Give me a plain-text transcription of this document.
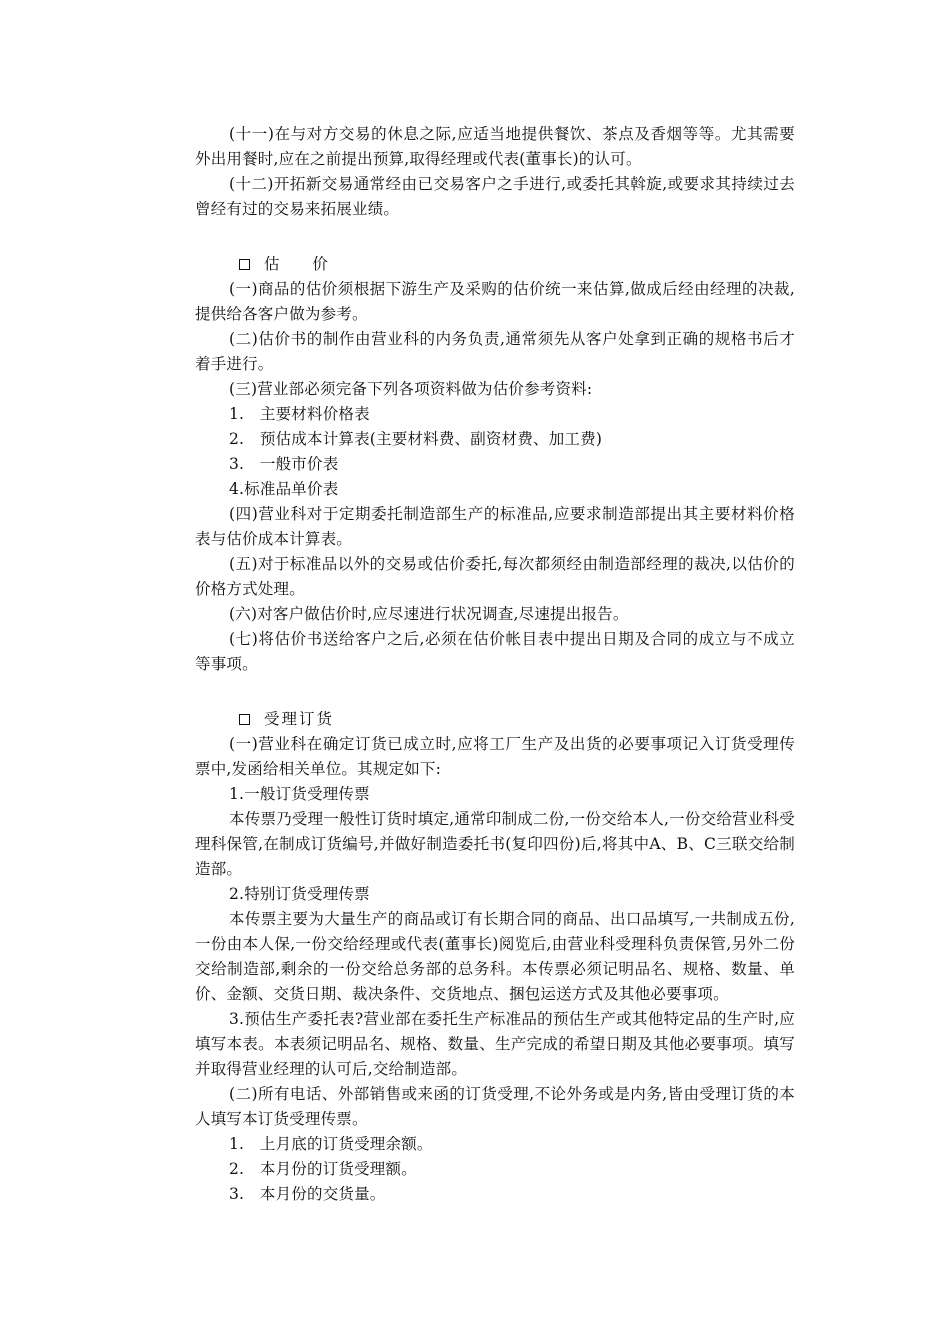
(十一)在与对方交易的休息之际,应适当地提供餐饮、茶点及香烟等等。尤其需要外出用餐时,应在之前提出预算,取得经理或代表(董事长)的认可。

(十二)开拓新交易通常经由已交易客户之手进行,或委托其斡旋,或要求其持续过去曾经有过的交易来拓展业绩。

估 价

(一)商品的估价须根据下游生产及采购的估价统一来估算,做成后经由经理的决裁,提供给各客户做为参考。

(二)估价书的制作由营业科的内务负责,通常须先从客户处拿到正确的规格书后才着手进行。

(三)营业部必须完备下列各项资料做为估价参考资料:

1.　主要材料价格表

2.　预估成本计算表(主要材料费、副资材费、加工费)

3.　一般市价表

4.标准品单价表

(四)营业科对于定期委托制造部生产的标准品,应要求制造部提出其主要材料价格表与估价成本计算表。

(五)对于标准品以外的交易或估价委托,每次都须经由制造部经理的裁决,以估价的价格方式处理。

(六)对客户做估价时,应尽速进行状况调查,尽速提出报告。

(七)将估价书送给客户之后,必须在估价帐目表中提出日期及合同的成立与不成立等事项。

受理订货

(一)营业科在确定订货已成立时,应将工厂生产及出货的必要事项记入订货受理传票中,发函给相关单位。其规定如下:

1.一般订货受理传票

本传票乃受理一般性订货时填定,通常印制成二份,一份交给本人,一份交给营业科受理科保管,在制成订货编号,并做好制造委托书(复印四份)后,将其中A、B、C三联交给制造部。

2.特别订货受理传票

本传票主要为大量生产的商品或订有长期合同的商品、出口品填写,一共制成五份,一份由本人保,一份交给经理或代表(董事长)阅览后,由营业科受理科负责保管,另外二份交给制造部,剩余的一份交给总务部的总务科。本传票必须记明品名、规格、数量、单价、金额、交货日期、裁决条件、交货地点、捆包运送方式及其他必要事项。

3.预估生产委托表?营业部在委托生产标准品的预估生产或其他特定品的生产时,应填写本表。本表须记明品名、规格、数量、生产完成的希望日期及其他必要事项。填写并取得营业经理的认可后,交给制造部。

(二)所有电话、外部销售或来函的订货受理,不论外务或是内务,皆由受理订货的本人填写本订货受理传票。

1.　上月底的订货受理余额。

2.　本月份的订货受理额。

3.　本月份的交货量。
